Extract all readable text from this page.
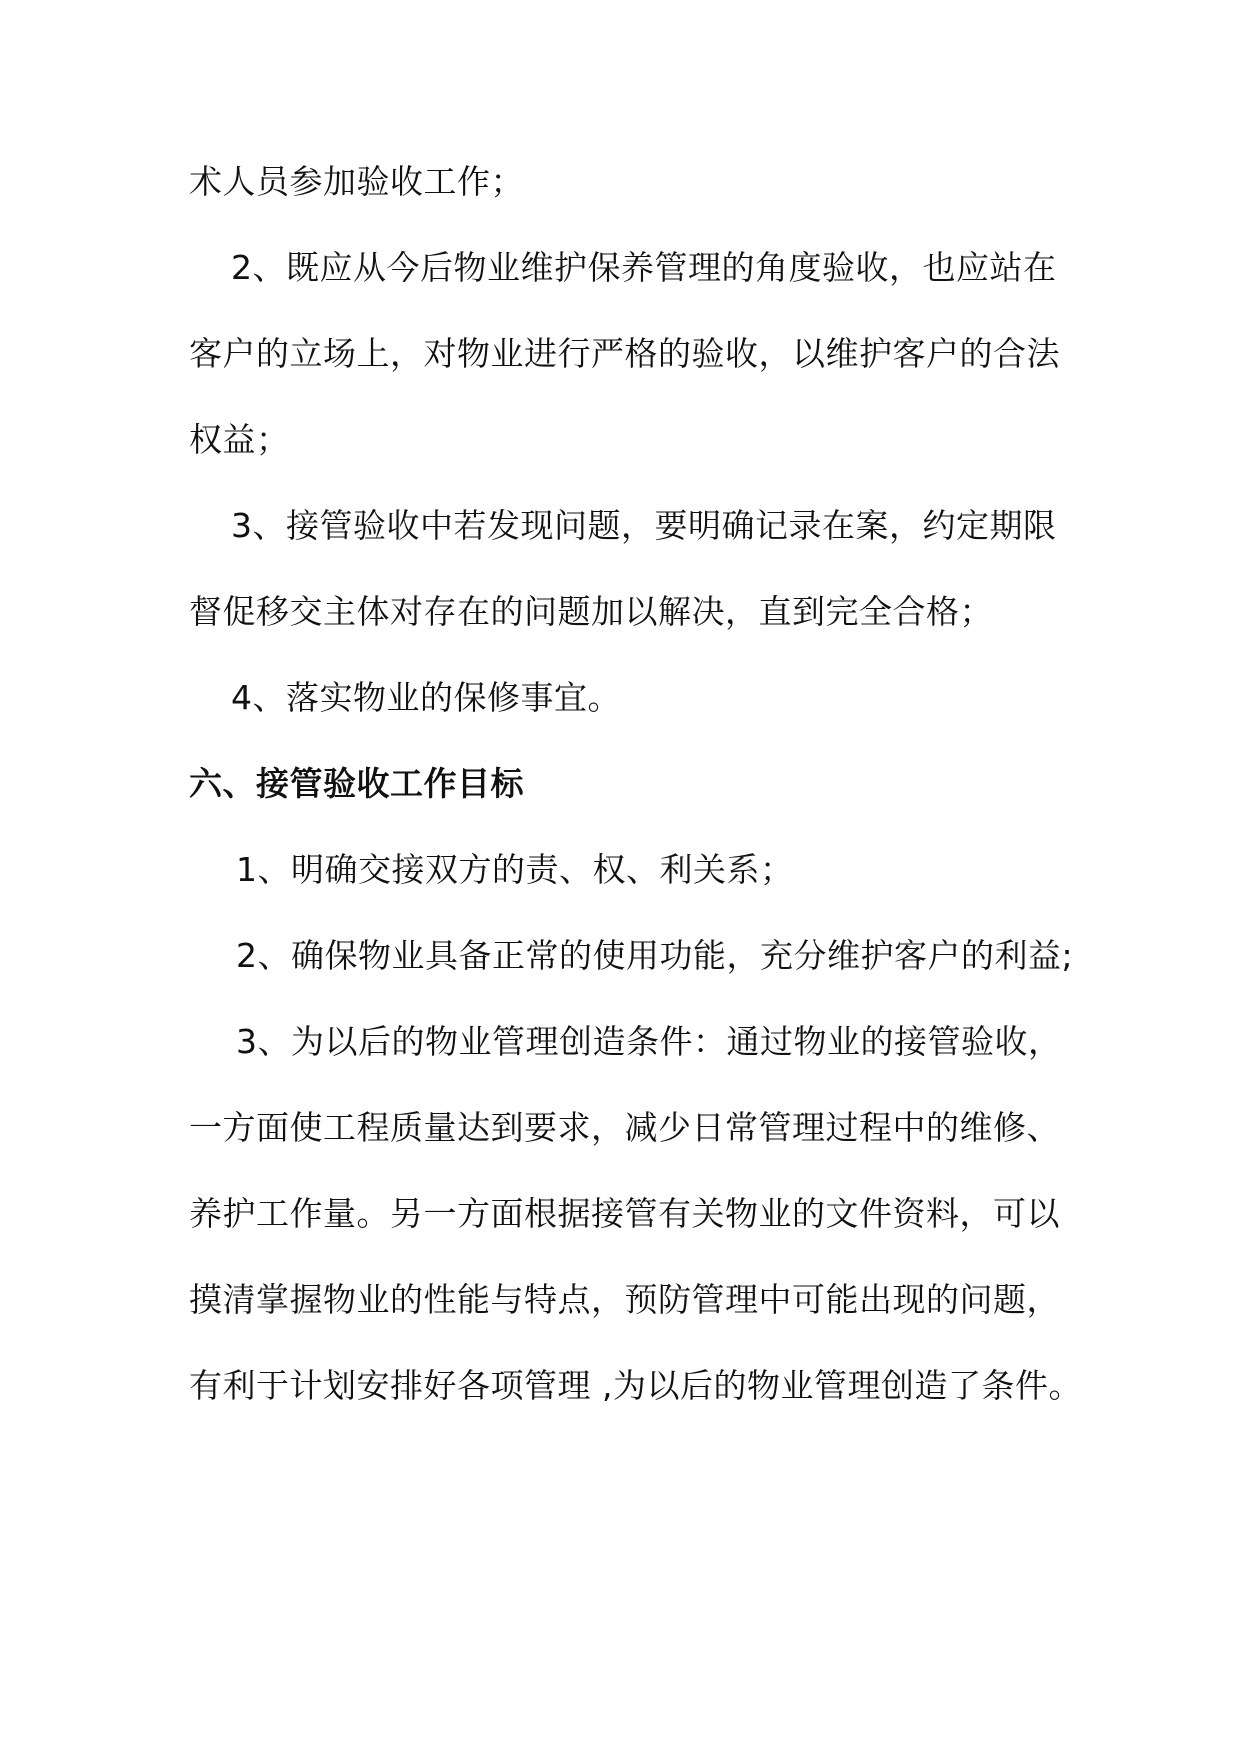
术人员参加验收工作；
2、既应从今后物业维护保养管理的角度验收，也应站在
客户的立场上，对物业进行严格的验收，以维护客户的合法
权益；
3、接管验收中若发现问题，要明确记录在案，约定期限
督促移交主体对存在的问题加以解决，直到完全合格；
4、落实物业的保修事宜。
六、接管验收工作目标
1、明确交接双方的责、权、利关系；
2、确保物业具备正常的使用功能，充分维护客户的利益;
3、为以后的物业管理创造条件：通过物业的接管验收，
一方面使工程质量达到要求，减少日常管理过程中的维修、
养护工作量。另一方面根据接管有关物业的文件资料，可以
摸清掌握物业的性能与特点，预防管理中可能出现的问题，
有利于计划安排好各项管理 ,为以后的物业管理创造了条件。
